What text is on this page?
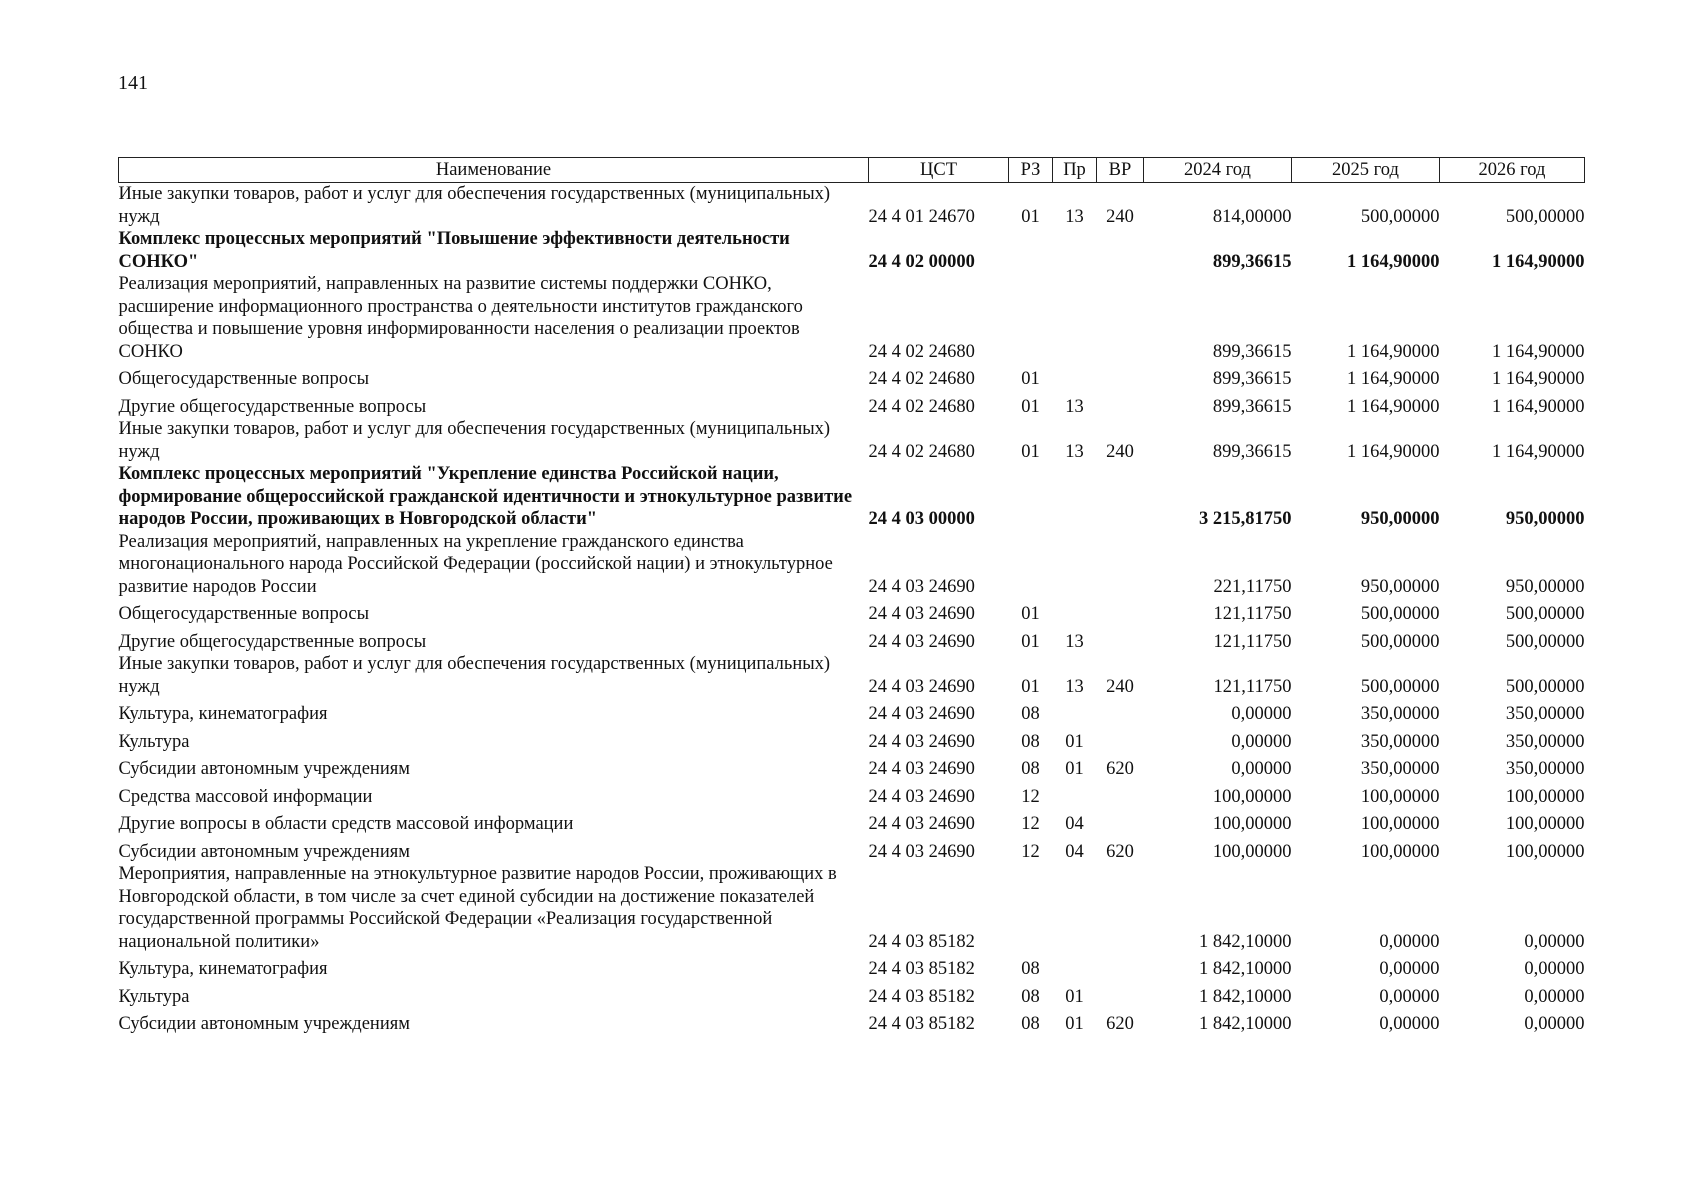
141
Наименование	ЦСТ	РЗ	Пр	ВР	2024 год	2025 год	2026 год
Иные закупки товаров, работ и услуг для обеспечения государственных (муниципальных) нужд	24 4 01 24670	01	13	240	814,00000	500,00000	500,00000
Комплекс процессных мероприятий "Повышение эффективности деятельности СОНКО"	24 4 02 00000				899,36615	1 164,90000	1 164,90000
Реализация мероприятий, направленных на развитие системы поддержки СОНКО, расширение информационного пространства о деятельности институтов гражданского общества и повышение уровня информированности населения о реализации проектов СОНКО	24 4 02 24680				899,36615	1 164,90000	1 164,90000
Общегосударственные вопросы	24 4 02 24680	01			899,36615	1 164,90000	1 164,90000
Другие общегосударственные вопросы	24 4 02 24680	01	13		899,36615	1 164,90000	1 164,90000
Иные закупки товаров, работ и услуг для обеспечения государственных (муниципальных) нужд	24 4 02 24680	01	13	240	899,36615	1 164,90000	1 164,90000
Комплекс процессных мероприятий "Укрепление единства Российской нации, формирование общероссийской гражданской идентичности и этнокультурное развитие народов России, проживающих в Новгородской области"	24 4 03 00000				3 215,81750	950,00000	950,00000
Реализация мероприятий, направленных на укрепление гражданского единства многонационального народа Российской Федерации (российской нации) и этнокультурное развитие народов России	24 4 03 24690				221,11750	950,00000	950,00000
Общегосударственные вопросы	24 4 03 24690	01			121,11750	500,00000	500,00000
Другие общегосударственные вопросы	24 4 03 24690	01	13		121,11750	500,00000	500,00000
Иные закупки товаров, работ и услуг для обеспечения государственных (муниципальных) нужд	24 4 03 24690	01	13	240	121,11750	500,00000	500,00000
Культура, кинематография	24 4 03 24690	08			0,00000	350,00000	350,00000
Культура	24 4 03 24690	08	01		0,00000	350,00000	350,00000
Субсидии автономным учреждениям	24 4 03 24690	08	01	620	0,00000	350,00000	350,00000
Средства массовой информации	24 4 03 24690	12			100,00000	100,00000	100,00000
Другие вопросы в области средств массовой информации	24 4 03 24690	12	04		100,00000	100,00000	100,00000
Субсидии автономным учреждениям	24 4 03 24690	12	04	620	100,00000	100,00000	100,00000
Мероприятия, направленные на этнокультурное развитие народов России, проживающих в Новгородской области, в том числе за счет единой субсидии на достижение показателей государственной программы Российской Федерации «Реализация государственной национальной политики»	24 4 03 85182				1 842,10000	0,00000	0,00000
Культура, кинематография	24 4 03 85182	08			1 842,10000	0,00000	0,00000
Культура	24 4 03 85182	08	01		1 842,10000	0,00000	0,00000
Субсидии автономным учреждениям	24 4 03 85182	08	01	620	1 842,10000	0,00000	0,00000
